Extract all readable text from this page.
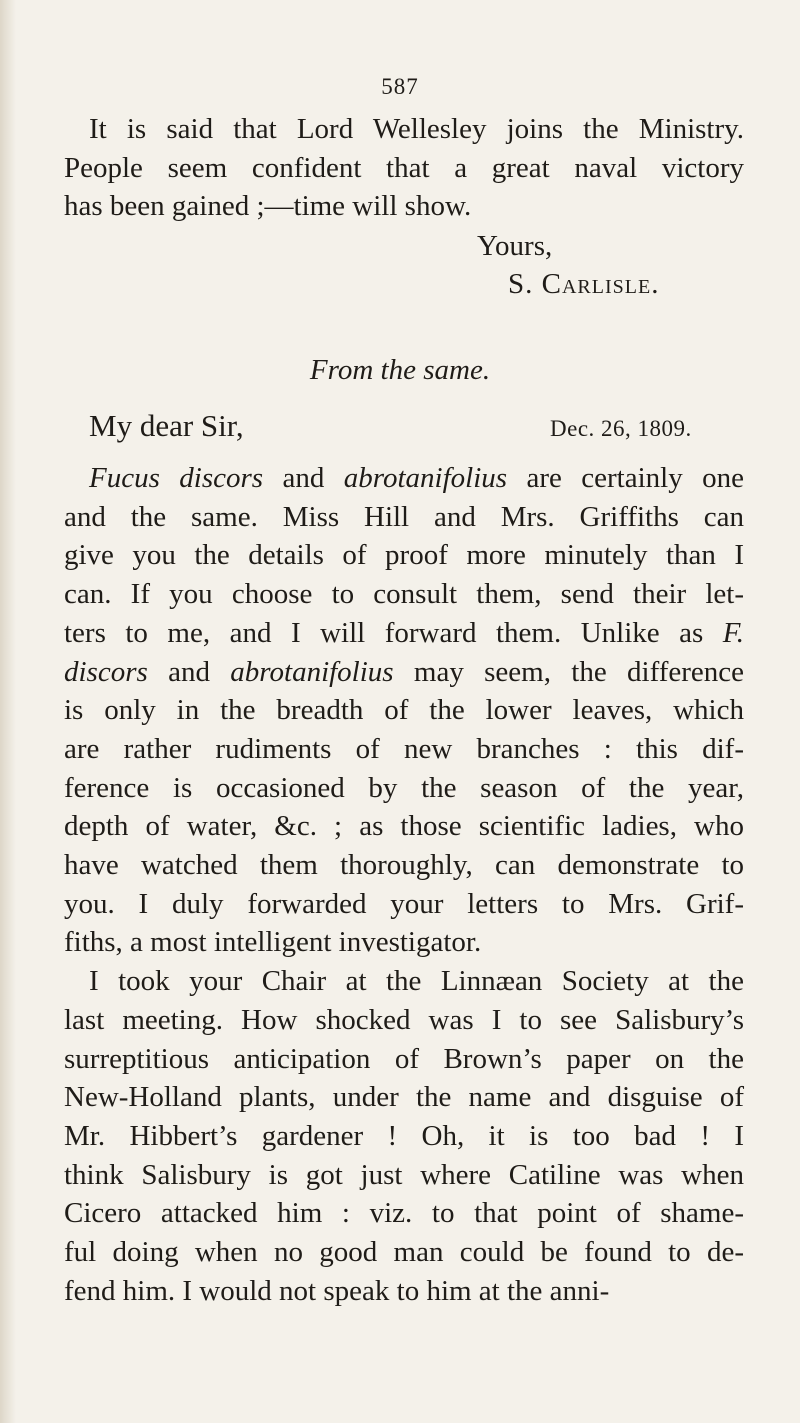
587
It is said that Lord Wellesley joins the Ministry.
People seem confident that a great naval victory
has been gained ;—time will show.
Yours,
S. Carlisle.
From the same.
My dear Sir,	Dec. 26, 1809.
Fucus discors and abrotanifolius are certainly one
and the same. Miss Hill and Mrs. Griffiths can
give you the details of proof more minutely than I
can. If you choose to consult them, send their let-
ters to me, and I will forward them. Unlike as F.
discors and abrotanifolius may seem, the difference
is only in the breadth of the lower leaves, which
are rather rudiments of new branches : this dif-
ference is occasioned by the season of the year,
depth of water, &c. ; as those scientific ladies, who
have watched them thoroughly, can demonstrate to
you. I duly forwarded your letters to Mrs. Grif-
fiths, a most intelligent investigator.
I took your Chair at the Linnæan Society at the
last meeting. How shocked was I to see Salisbury’s
surreptitious anticipation of Brown’s paper on the
New-Holland plants, under the name and disguise of
Mr. Hibbert’s gardener ! Oh, it is too bad ! I
think Salisbury is got just where Catiline was when
Cicero attacked him : viz. to that point of shame-
ful doing when no good man could be found to de-
fend him. I would not speak to him at the anni-
